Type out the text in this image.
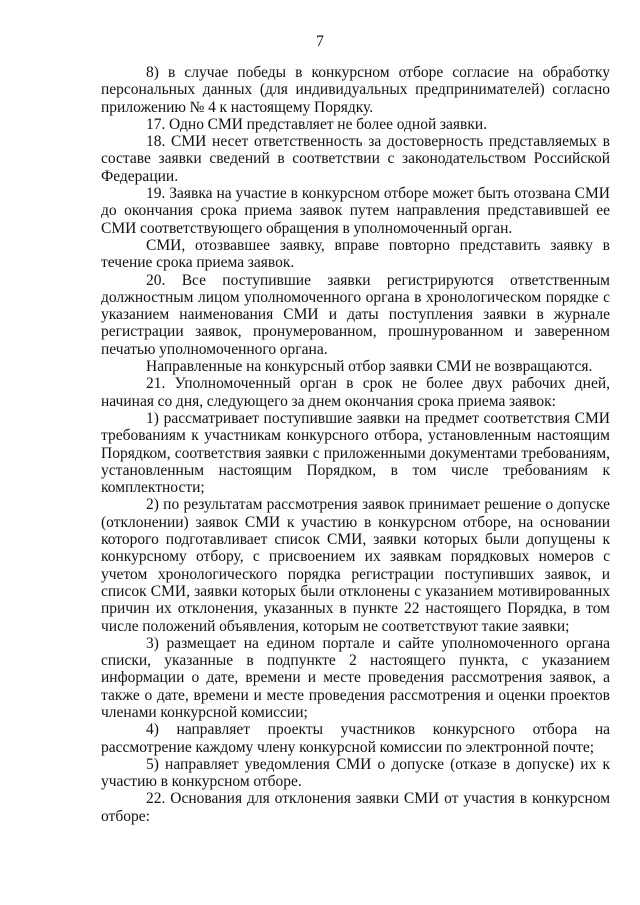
7

8) в случае победы в конкурсном отборе согласие на обработку персональных данных (для индивидуальных предпринимателей) согласно приложению № 4 к настоящему Порядку.

17. Одно СМИ представляет не более одной заявки.

18. СМИ несет ответственность за достоверность представляемых в составе заявки сведений в соответствии с законодательством Российской Федерации.

19. Заявка на участие в конкурсном отборе может быть отозвана СМИ до окончания срока приема заявок путем направления представившей ее СМИ соответствующего обращения в уполномоченный орган.

СМИ, отозвавшее заявку, вправе повторно представить заявку в течение срока приема заявок.

20. Все поступившие заявки регистрируются ответственным должностным лицом уполномоченного органа в хронологическом порядке с указанием наименования СМИ и даты поступления заявки в журнале регистрации заявок, пронумерованном, прошнурованном и заверенном печатью уполномоченного органа.

Направленные на конкурсный отбор заявки СМИ не возвращаются.

21. Уполномоченный орган в срок не более двух рабочих дней, начиная со дня, следующего за днем окончания срока приема заявок:

1) рассматривает поступившие заявки на предмет соответствия СМИ требованиям к участникам конкурсного отбора, установленным настоящим Порядком, соответствия заявки с приложенными документами требованиям, установленным настоящим Порядком, в том числе требованиям к комплектности;

2) по результатам рассмотрения заявок принимает решение о допуске (отклонении) заявок СМИ к участию в конкурсном отборе, на основании которого подготавливает список СМИ, заявки которых были допущены к конкурсному отбору, с присвоением их заявкам порядковых номеров с учетом хронологического порядка регистрации поступивших заявок, и список СМИ, заявки которых были отклонены с указанием мотивированных причин их отклонения, указанных в пункте 22 настоящего Порядка, в том числе положений объявления, которым не соответствуют такие заявки;

3) размещает на едином портале и сайте уполномоченного органа списки, указанные в подпункте 2 настоящего пункта, с указанием информации о дате, времени и месте проведения рассмотрения заявок, а также о дате, времени и месте проведения рассмотрения и оценки проектов членами конкурсной комиссии;

4) направляет проекты участников конкурсного отбора на рассмотрение каждому члену конкурсной комиссии по электронной почте;

5) направляет уведомления СМИ о допуске (отказе в допуске) их к участию в конкурсном отборе.

22. Основания для отклонения заявки СМИ от участия в конкурсном отборе:
